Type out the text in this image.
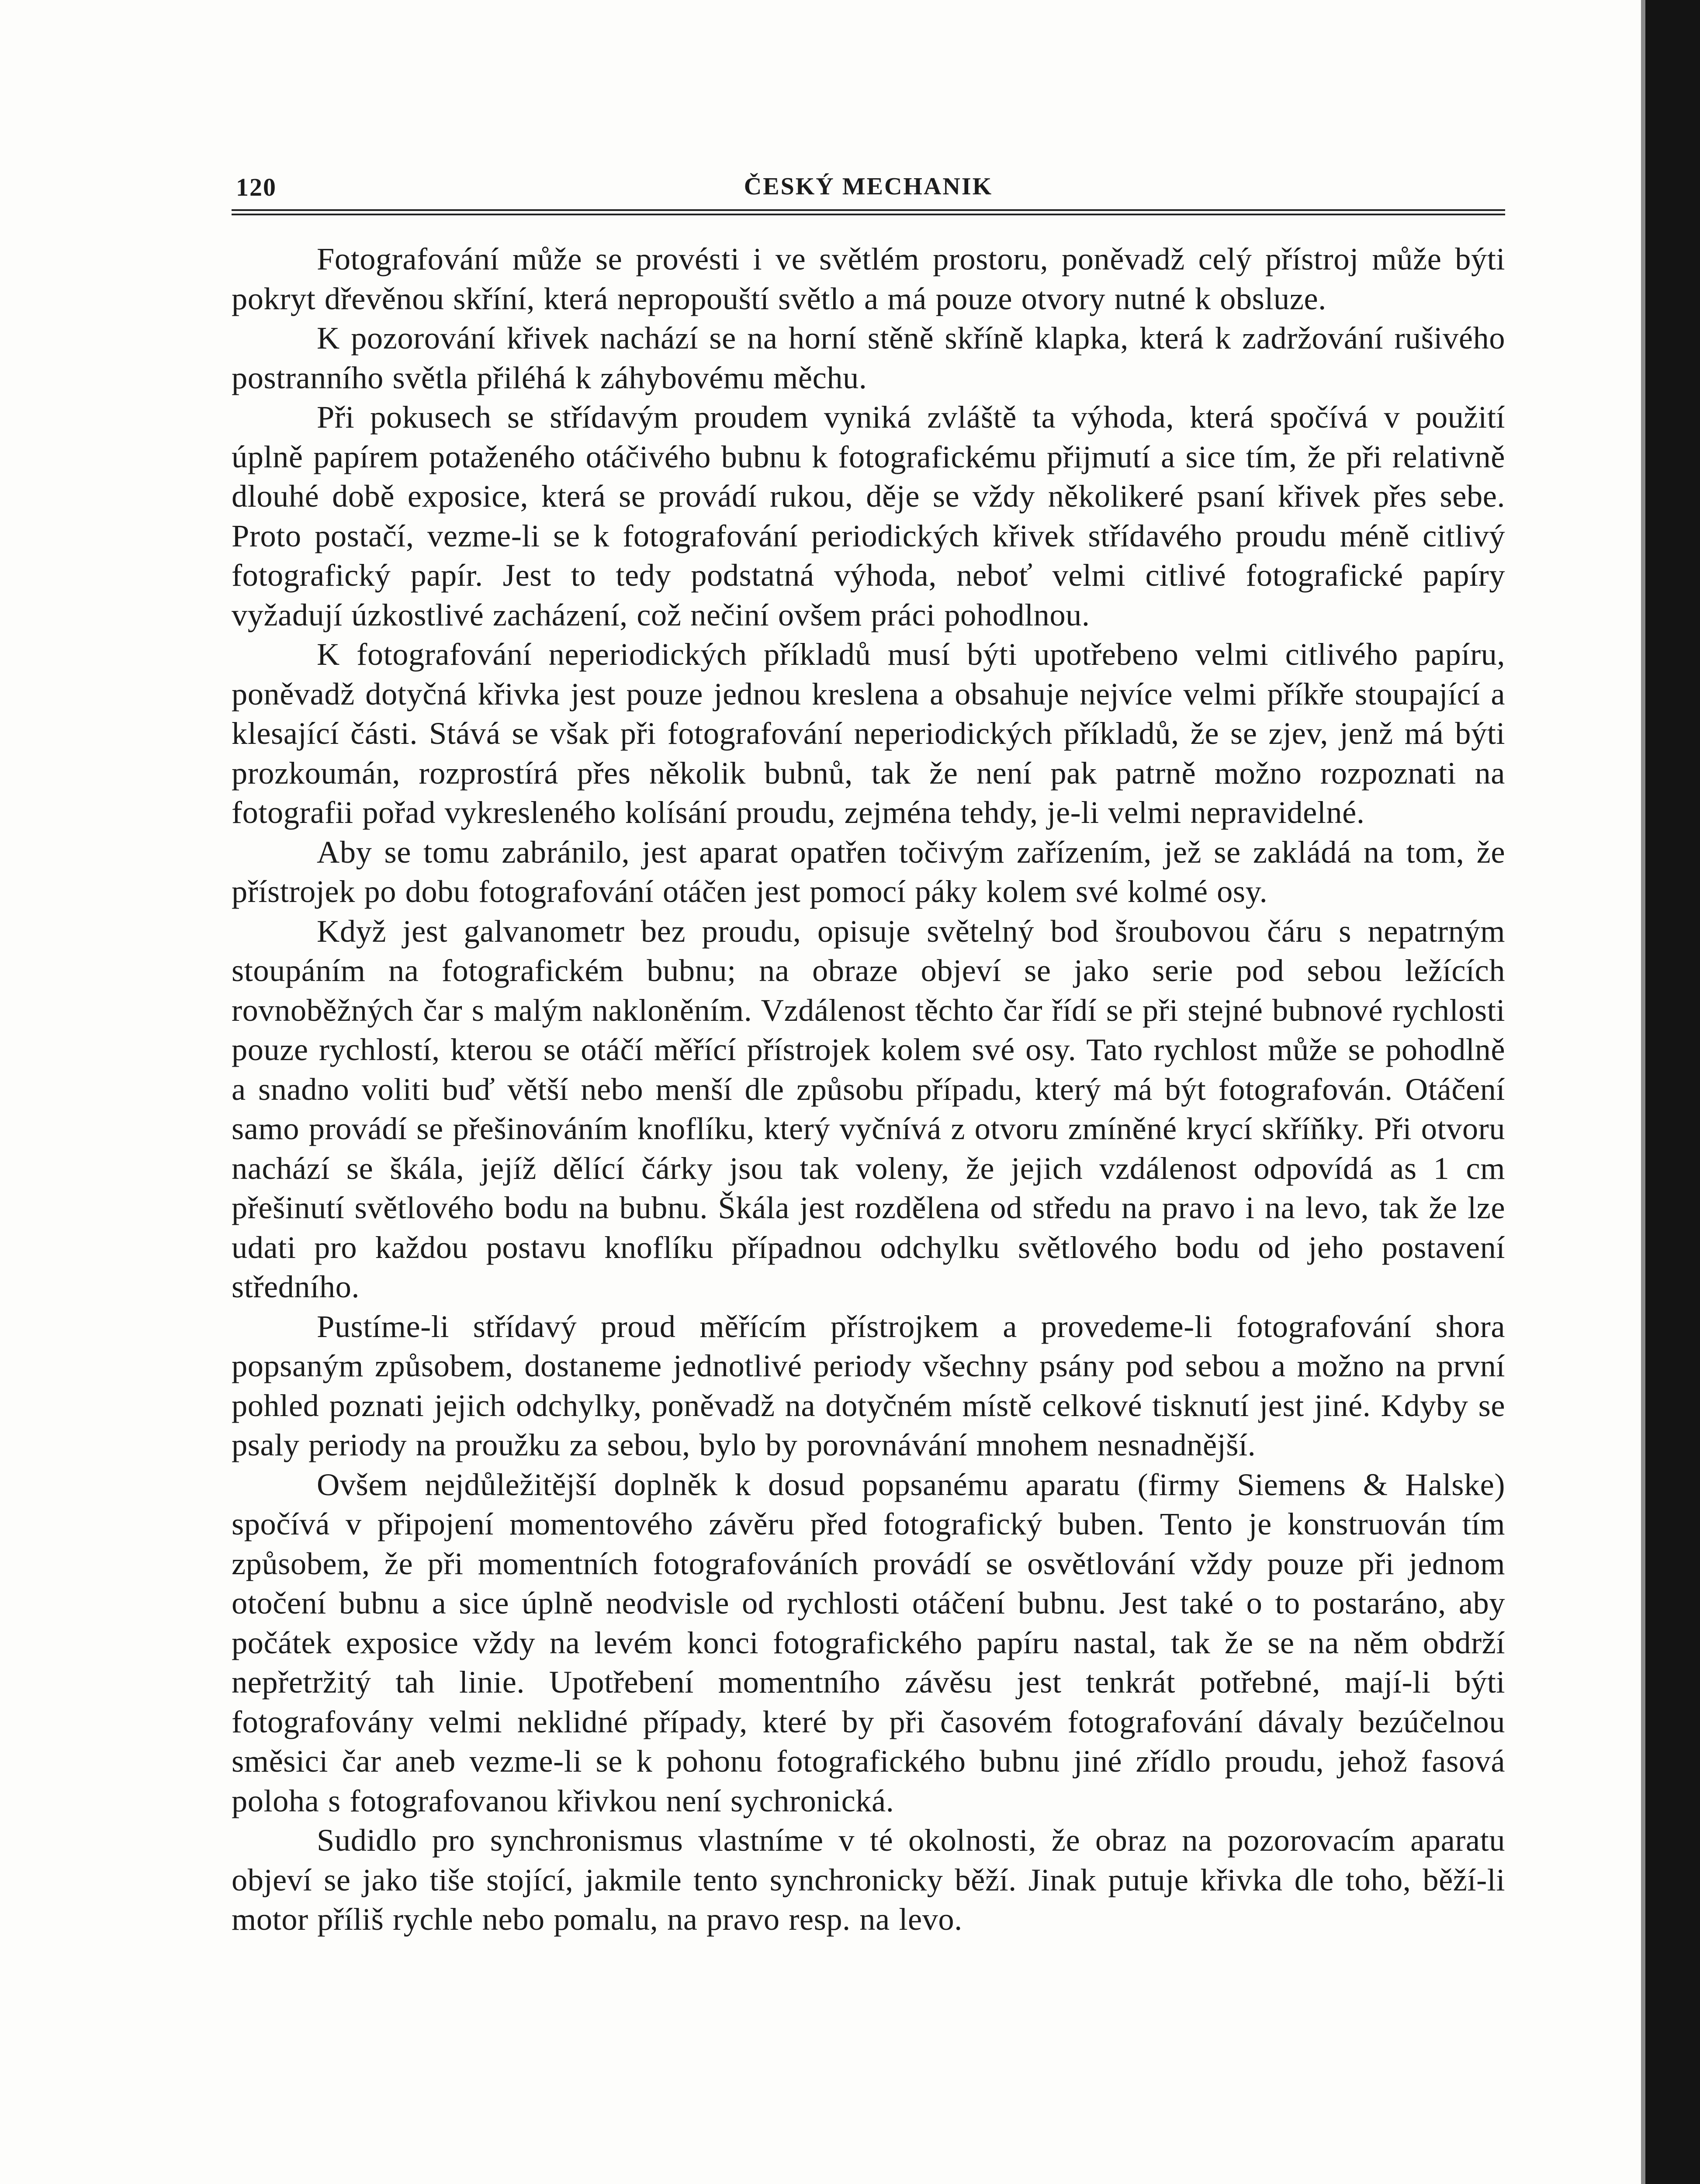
120	ČESKÝ MECHANIK

Fotografování může se provésti i ve světlém prostoru, poněvadž celý přístroj může býti pokryt dřevěnou skříní, která nepropouští světlo a má pouze otvory nutné k obsluze.

K pozorování křivek nachází se na horní stěně skříně klapka, která k zadržování rušivého postranního světla přiléhá k záhybovému měchu.

Při pokusech se střídavým proudem vyniká zvláště ta výhoda, která spočívá v použití úplně papírem potaženého otáčivého bubnu k fotografickému přijmutí a sice tím, že při relativně dlouhé době exposice, která se provádí rukou, děje se vždy několikeré psaní křivek přes sebe. Proto postačí, vezme-li se k fotografování periodických křivek střídavého proudu méně citlivý fotografický papír. Jest to tedy podstatná výhoda, neboť velmi citlivé fotografické papíry vyžadují úzkostlivé zacházení, což nečiní ovšem práci pohodlnou.

K fotografování neperiodických příkladů musí býti upotřebeno velmi citlivého papíru, poněvadž dotyčná křivka jest pouze jednou kreslena a obsahuje nejvíce velmi příkře stoupající a klesající části. Stává se však při fotografování neperiodických příkladů, že se zjev, jenž má býti prozkoumán, rozprostírá přes několik bubnů, tak že není pak patrně možno rozpoznati na fotografii pořad vykresleného kolísání proudu, zejména tehdy, je-li velmi nepravidelné.

Aby se tomu zabránilo, jest aparat opatřen točivým zařízením, jež se zakládá na tom, že přístrojek po dobu fotografování otáčen jest pomocí páky kolem své kolmé osy.

Když jest galvanometr bez proudu, opisuje světelný bod šroubovou čáru s nepatrným stoupáním na fotografickém bubnu; na obraze objeví se jako serie pod sebou ležících rovnoběžných čar s malým nakloněním. Vzdálenost těchto čar řídí se při stejné bubnové rychlosti pouze rychlostí, kterou se otáčí měřící přístrojek kolem své osy. Tato rychlost může se pohodlně a snadno voliti buď větší nebo menší dle způsobu případu, který má být fotografován. Otáčení samo provádí se přešinováním knoflíku, který vyčnívá z otvoru zmíněné krycí skříňky. Při otvoru nachází se škála, jejíž dělící čárky jsou tak voleny, že jejich vzdálenost odpovídá as 1 cm přešinutí světlového bodu na bubnu. Škála jest rozdělena od středu na pravo i na levo, tak že lze udati pro každou postavu knoflíku případnou odchylku světlového bodu od jeho postavení středního.

Pustíme-li střídavý proud měřícím přístrojkem a provedeme-li fotografování shora popsaným způsobem, dostaneme jednotlivé periody všechny psány pod sebou a možno na první pohled poznati jejich odchylky, poněvadž na dotyčném místě celkové tisknutí jest jiné. Kdyby se psaly periody na proužku za sebou, bylo by porovnávání mnohem nesnadnější.

Ovšem nejdůležitější doplněk k dosud popsanému aparatu (firmy Siemens & Halske) spočívá v připojení momentového závěru před fotografický buben. Tento je konstruován tím způsobem, že při momentních fotografováních provádí se osvětlování vždy pouze při jednom otočení bubnu a sice úplně neodvisle od rychlosti otáčení bubnu. Jest také o to postaráno, aby počátek exposice vždy na levém konci fotografického papíru nastal, tak že se na něm obdrží nepřetržitý tah linie. Upotřebení momentního závěsu jest tenkrát potřebné, mají-li býti fotografovány velmi neklidné případy, které by při časovém fotografování dávaly bezúčelnou směsici čar aneb vezme-li se k pohonu fotografického bubnu jiné zřídlo proudu, jehož fasová poloha s fotografovanou křivkou není sychronická.

Sudidlo pro synchronismus vlastníme v té okolnosti, že obraz na pozorovacím aparatu objeví se jako tiše stojící, jakmile tento synchronicky běží. Jinak putuje křivka dle toho, běží-li motor příliš rychle nebo pomalu, na pravo resp. na levo.
